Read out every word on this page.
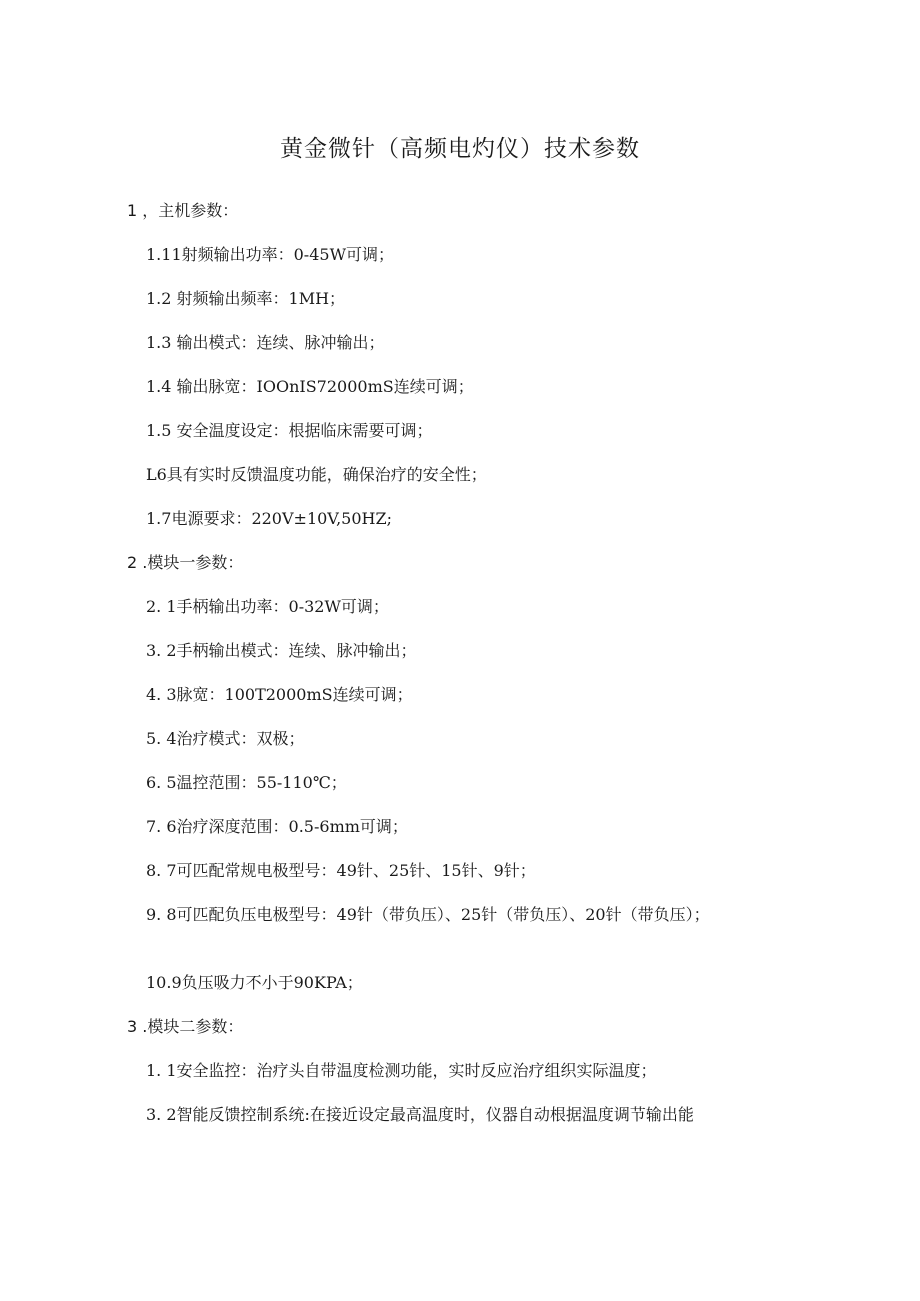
黄金微针（高频电灼仪）技术参数
1 ，主机参数：
1.11射频输出功率：0-45W可调；
1.2 射频输出频率：1MH；
1.3 输出模式：连续、脉冲输出；
1.4 输出脉宽：IOOnIS72000mS连续可调；
1.5 安全温度设定：根据临床需要可调；
L6具有实时反馈温度功能，确保治疗的安全性；
1.7电源要求：220V±10V,50HZ;
2 .模块一参数：
2. 1手柄输出功率：0-32W可调；
3. 2手柄输出模式：连续、脉冲输出；
4. 3脉宽：100T2000mS连续可调；
5. 4治疗模式：双极；
6. 5温控范围：55-110℃；
7. 6治疗深度范围：0.5-6mm可调；
8. 7可匹配常规电极型号：49针、25针、15针、9针；
9. 8可匹配负压电极型号：49针（带负压）、25针（带负压）、20针（带负压）；
10.9负压吸力不小于90KPA；
3 .模块二参数：
1. 1安全监控：治疗头自带温度检测功能，实时反应治疗组织实际温度；
3. 2智能反馈控制系统:在接近设定最高温度时，仪器自动根据温度调节输出能
